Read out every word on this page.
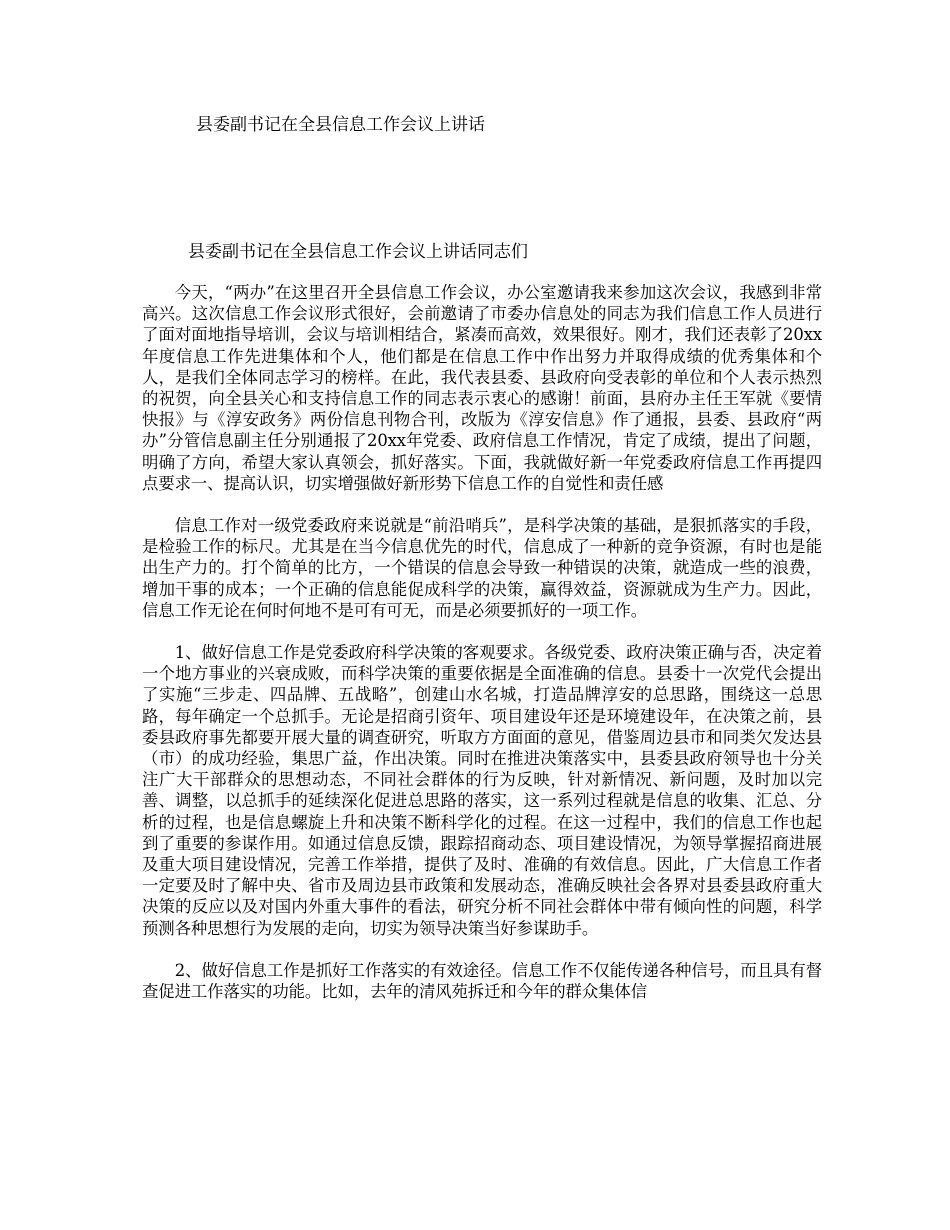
县委副书记在全县信息工作会议上讲话
县委副书记在全县信息工作会议上讲话同志们

今天，“两办”在这里召开全县信息工作会议，办公室邀请我来参加这次会议，我感到非常高兴。这次信息工作会议形式很好，会前邀请了市委办信息处的同志为我们信息工作人员进行了面对面地指导培训，会议与培训相结合，紧凑而高效，效果很好。刚才，我们还表彰了20xx年度信息工作先进集体和个人，他们都是在信息工作中作出努力并取得成绩的优秀集体和个人，是我们全体同志学习的榜样。在此，我代表县委、县政府向受表彰的单位和个人表示热烈的祝贺，向全县关心和支持信息工作的同志表示衷心的感谢！前面，县府办主任王军就《要情快报》与《淳安政务》两份信息刊物合刊，改版为《淳安信息》作了通报，县委、县政府“两办”分管信息副主任分别通报了20xx年党委、政府信息工作情况，肯定了成绩，提出了问题，明确了方向，希望大家认真领会，抓好落实。下面，我就做好新一年党委政府信息工作再提四点要求一、提高认识，切实增强做好新形势下信息工作的自觉性和责任感

信息工作对一级党委政府来说就是“前沿哨兵”，是科学决策的基础，是狠抓落实的手段，是检验工作的标尺。尤其是在当今信息优先的时代，信息成了一种新的竞争资源，有时也是能出生产力的。打个简单的比方，一个错误的信息会导致一种错误的决策，就造成一些的浪费，增加干事的成本；一个正确的信息能促成科学的决策，赢得效益，资源就成为生产力。因此，信息工作无论在何时何地不是可有可无，而是必须要抓好的一项工作。

1、做好信息工作是党委政府科学决策的客观要求。各级党委、政府决策正确与否，决定着一个地方事业的兴衰成败，而科学决策的重要依据是全面准确的信息。县委十一次党代会提出了实施“三步走、四品牌、五战略”，创建山水名城，打造品牌淳安的总思路，围绕这一总思路，每年确定一个总抓手。无论是招商引资年、项目建设年还是环境建设年，在决策之前，县委县政府事先都要开展大量的调查研究，听取方方面面的意见，借鉴周边县市和同类欠发达县（市）的成功经验，集思广益，作出决策。同时在推进决策落实中，县委县政府领导也十分关注广大干部群众的思想动态，不同社会群体的行为反映，针对新情况、新问题，及时加以完善、调整，以总抓手的延续深化促进总思路的落实，这一系列过程就是信息的收集、汇总、分析的过程，也是信息螺旋上升和决策不断科学化的过程。在这一过程中，我们的信息工作也起到了重要的参谋作用。如通过信息反馈，跟踪招商动态、项目建设情况，为领导掌握招商进展及重大项目建设情况，完善工作举措，提供了及时、准确的有效信息。因此，广大信息工作者一定要及时了解中央、省市及周边县市政策和发展动态，准确反映社会各界对县委县政府重大决策的反应以及对国内外重大事件的看法，研究分析不同社会群体中带有倾向性的问题，科学预测各种思想行为发展的走向，切实为领导决策当好参谋助手。

2、做好信息工作是抓好工作落实的有效途径。信息工作不仅能传递各种信号，而且具有督查促进工作落实的功能。比如，去年的清风苑拆迁和今年的群众集体信
